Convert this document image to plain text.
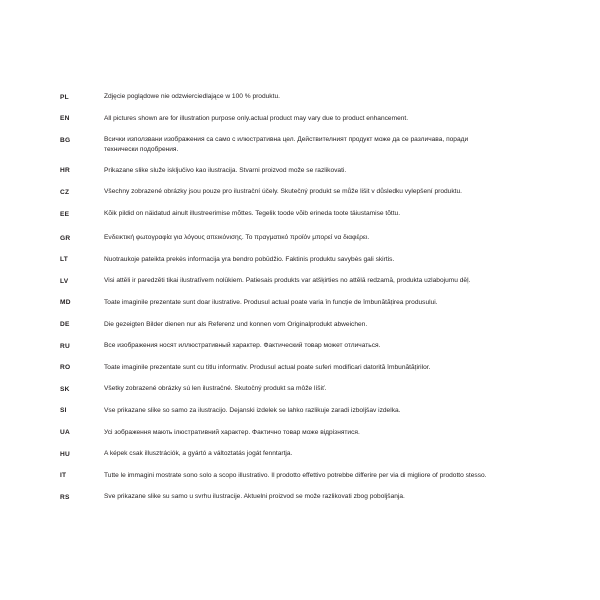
PL	Zdjęcie poglądowe nie odzwierciedlające w 100 % produktu.
EN	All pictures shown are for illustration purpose only.actual product may vary due to product enhancement.
BG	Всички използвани изображения са само с илюстративна цел. Действителният продукт може да се различава, поради технически подобрения.
HR	Prikazane slike služe isključivo kao ilustracija. Stvarni proizvod može se razlikovati.
CZ	Všechny zobrazené obrázky jsou pouze pro ilustrační účely. Skutečný produkt se může lišit v důsledku vylepšení produktu.
EE	Kõik pildid on näidatud ainult illustreerimise mõttes. Tegelik toode võib erineda toote täiustamise tõttu.
GR	Ενδεικτική φωτογραφία για λόγους απεικόνισης. Το πραγματικό προϊόν μπορεί να διαφέρει.
LT	Nuotraukoje pateikta prekės informacija yra bendro pobūdžio. Faktinis produktu savybės gali skirtis.
LV	Visi attēli ir paredzēti tikai ilustratīvem nolūkiem. Patiesais produkts var atšķirties no attēlā redzamā, produkta uzlabojumu dēļ.
MD	Toate imaginile prezentate sunt doar ilustrative. Produsul actual poate varia în funcție de îmbunătățirea produsului.
DE	Die gezeigten Bilder dienen nur als Referenz und konnen vom Originalprodukt abweichen.
RU	Все изображения носят иллюстративный характер. Фактический товар может отличаться.
RO	Toate imaginile prezentate sunt cu titlu informativ. Produsul actual poate suferi modificari datorită îmbunătățirilor.
SK	Všetky zobrazené obrázky sú len ilustračné. Skutočný produkt sa môže líšiť.
SI	Vse prikazane slike so samo za ilustracijo. Dejanski izdelek se lahko razlikuje zaradi izboljšav izdelka.
UA	Усі зображення мають ілюстративний характер. Фактично товар може відрізнятися.
HU	A képek csak illusztrációk, a gyártó a változtatás jogát fenntartja.
IT	Tutte le immagini mostrate sono solo a scopo illustrativo. Il prodotto effettivo potrebbe differire per via di migliore of prodotto stesso.
RS	Sve prikazane slike su samo u svrhu ilustracije. Aktuelni proizvod se može razlikovati zbog poboljšanja.
